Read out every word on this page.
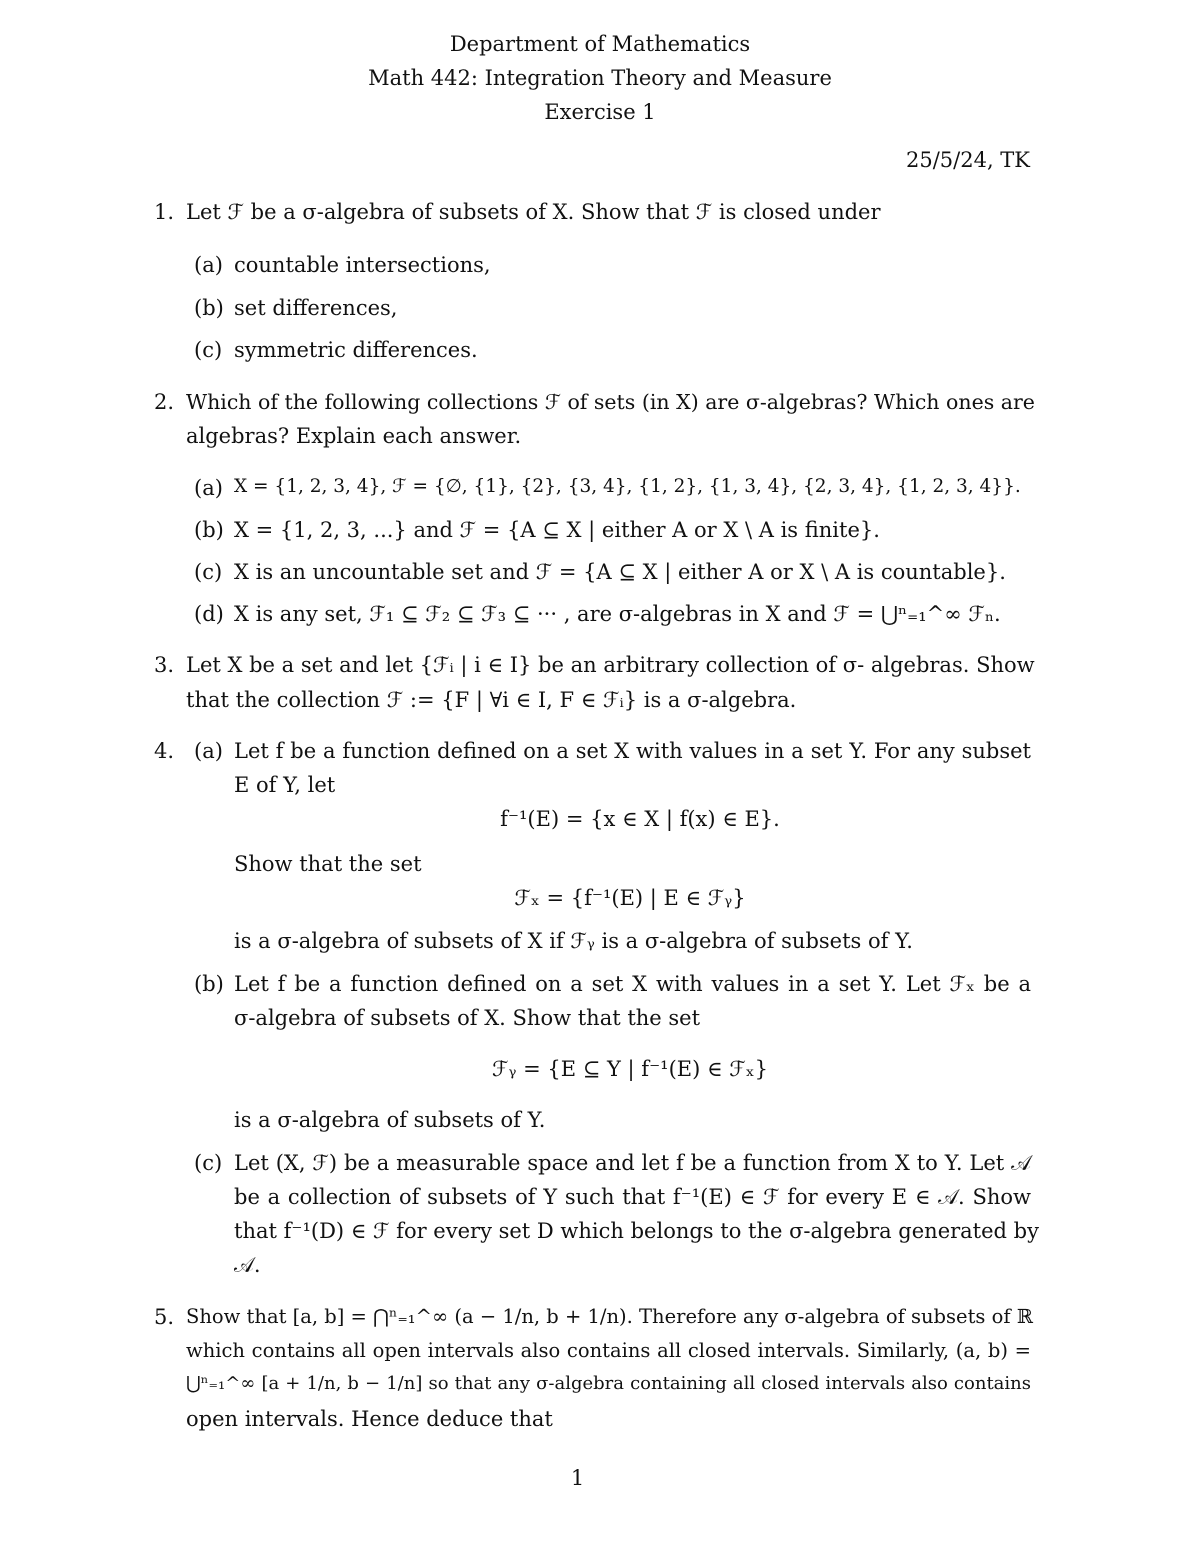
Department of Mathematics
Math 442: Integration Theory and Measure
Exercise 1
25/5/24, TK
1. Let ℱ be a σ-algebra of subsets of X. Show that ℱ is closed under
(a) countable intersections,
(b) set differences,
(c) symmetric differences.
2. Which of the following collections ℱ of sets (in X) are σ-algebras? Which ones are
algebras? Explain each answer.
(a) X = {1, 2, 3, 4}, ℱ = {∅, {1}, {2}, {3, 4}, {1, 2}, {1, 3, 4}, {2, 3, 4}, {1, 2, 3, 4}}.
(b) X = {1, 2, 3, ...} and ℱ = {A ⊆ X | either A or X \ A is finite}.
(c) X is an uncountable set and ℱ = {A ⊆ X | either A or X \ A is countable}.
(d) X is any set, ℱ₁ ⊆ ℱ₂ ⊆ ℱ₃ ⊆ ··· , are σ-algebras in X and ℱ = ⋃ⁿ₌₁^∞ ℱₙ.
3. Let X be a set and let {ℱᵢ | i ∈ I} be an arbitrary collection of σ- algebras. Show
that the collection ℱ := {F | ∀i ∈ I, F ∈ ℱᵢ} is a σ-algebra.
4. (a) Let f be a function defined on a set X with values in a set Y. For any subset
E of Y, let
f⁻¹(E) = {x ∈ X | f(x) ∈ E}.
Show that the set
ℱₓ = {f⁻¹(E) | E ∈ ℱᵧ}
is a σ-algebra of subsets of X if ℱᵧ is a σ-algebra of subsets of Y.
(b) Let f be a function defined on a set X with values in a set Y. Let ℱₓ be a
σ-algebra of subsets of X. Show that the set
ℱᵧ = {E ⊆ Y | f⁻¹(E) ∈ ℱₓ}
is a σ-algebra of subsets of Y.
(c) Let (X, ℱ) be a measurable space and let f be a function from X to Y. Let 𝒜
be a collection of subsets of Y such that f⁻¹(E) ∈ ℱ for every E ∈ 𝒜. Show
that f⁻¹(D) ∈ ℱ for every set D which belongs to the σ-algebra generated by
𝒜.
5. Show that [a, b] = ⋂ⁿ₌₁^∞ (a − 1/n, b + 1/n). Therefore any σ-algebra of subsets of ℝ
which contains all open intervals also contains all closed intervals. Similarly, (a, b) =
⋃ⁿ₌₁^∞ [a + 1/n, b − 1/n] so that any σ-algebra containing all closed intervals also contains
open intervals. Hence deduce that
1
